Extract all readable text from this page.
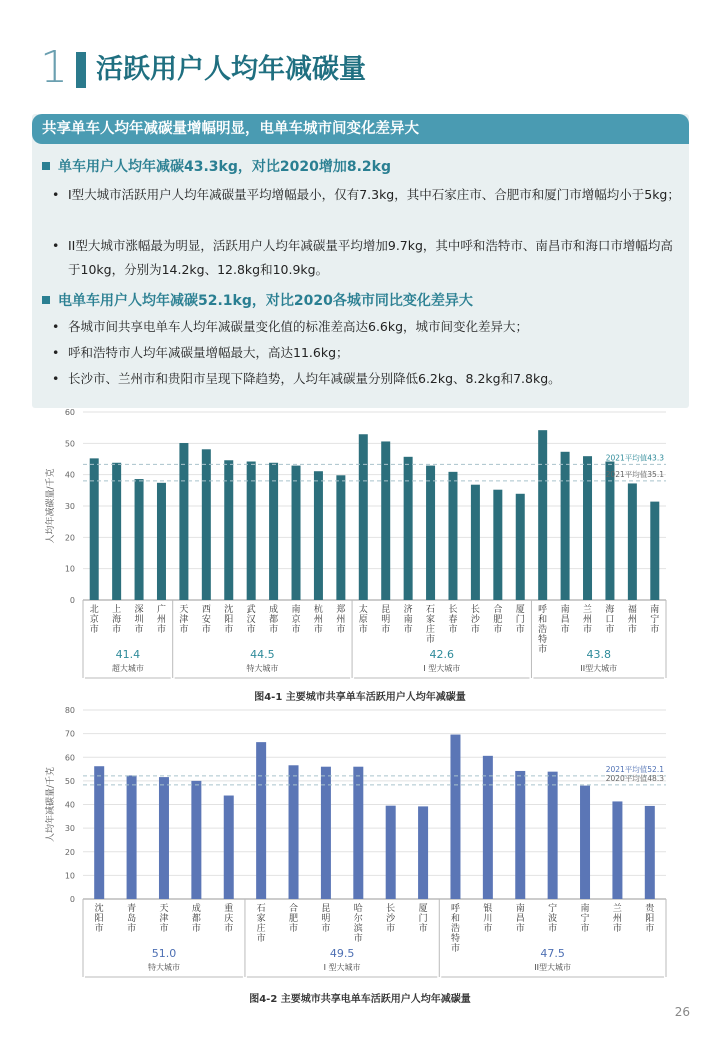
1 活跃用户人均年减碳量
共享单车人均年减碳量增幅明显，电单车城市间变化差异大
单车用户人均年减碳43.3kg，对比2020增加8.2kg
• I型大城市活跃用户人均年减碳量平均增幅最小，仅有7.3kg，其中石家庄市、合肥市和厦门市增幅均小于5kg；
• II型大城市涨幅最为明显，活跃用户人均年减碳量平均增加9.7kg，其中呼和浩特市、南昌市和海口市增幅均高于10kg，分别为14.2kg、12.8kg和10.9kg。
电单车用户人均年减碳52.1kg，对比2020各城市同比变化差异大
• 各城市间共享电单车人均年减碳量变化值的标准差高达6.6kg，城市间变化差异大；
• 呼和浩特市人均年减碳量增幅最大，高达11.6kg；
• 长沙市、兰州市和贵阳市呈现下降趋势，人均年减碳量分别降低6.2kg、8.2kg和7.8kg。
0
10
20
30
40
50
60
人均年减碳量/千克
北京市
上海市
深圳市
广州市
天津市
西安市
沈阳市
武汉市
成都市
南京市
杭州市
郑州市
太原市
昆明市
济南市
石家庄市
长春市
长沙市
合肥市
厦门市
呼和浩特市
南昌市
兰州市
海口市
福州市
南宁市
2021平均值43.3
2021平均值35.1
41.4
超大城市
44.5
特大城市
42.6
I 型大城市
43.8
II型大城市
图4-1 主要城市共享单车活跃用户人均年减碳量
0
10
20
30
40
50
60
70
80
人均年减碳量/千克
沈阳市
青岛市
天津市
成都市
重庆市
石家庄市
合肥市
昆明市
哈尔滨市
长沙市
厦门市
呼和浩特市
银川市
南昌市
宁波市
南宁市
兰州市
贵阳市
2021平均值52.1
2020平均值48.3
51.0
特大城市
49.5
I 型大城市
47.5
II型大城市
图4-2 主要城市共享电单车活跃用户人均年减碳量
26
